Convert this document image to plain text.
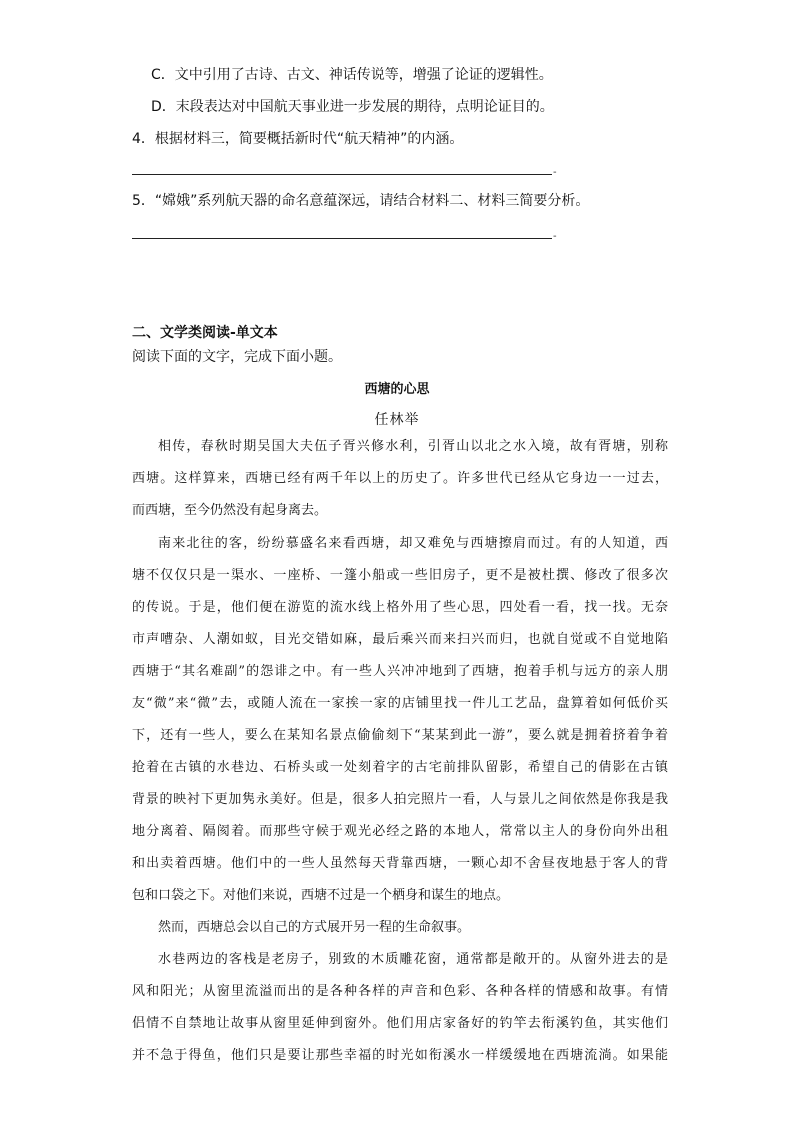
C．文中引用了古诗、古文、神话传说等，增强了论证的逻辑性。
D．末段表达对中国航天事业进一步发展的期待，点明论证目的。
4．根据材料三，简要概括新时代“航天精神”的内涵。
-
5．“嫦娥”系列航天器的命名意蕴深远，请结合材料二、材料三简要分析。
-
二、文学类阅读-单文本
阅读下面的文字，完成下面小题。
西塘的心思
任林举
相传，春秋时期吴国大夫伍子胥兴修水利，引胥山以北之水入境，故有胥塘，别称
西塘。这样算来，西塘已经有两千年以上的历史了。许多世代已经从它身边一一过去，
而西塘，至今仍然没有起身离去。
南来北往的客，纷纷慕盛名来看西塘，却又难免与西塘擦肩而过。有的人知道，西
塘不仅仅只是一渠水、一座桥、一篷小船或一些旧房子，更不是被杜撰、修改了很多次
的传说。于是，他们便在游览的流水线上格外用了些心思，四处看一看，找一找。无奈
市声嘈杂、人潮如蚁，目光交错如麻，最后乘兴而来扫兴而归，也就自觉或不自觉地陷
西塘于“其名难副”的怨诽之中。有一些人兴冲冲地到了西塘，抱着手机与远方的亲人朋
友“微”来“微”去，或随人流在一家挨一家的店铺里找一件儿工艺品，盘算着如何低价买
下，还有一些人，要么在某知名景点偷偷刻下“某某到此一游”，要么就是拥着挤着争着
抢着在古镇的水巷边、石桥头或一处刻着字的古宅前排队留影，希望自己的倩影在古镇
背景的映衬下更加隽永美好。但是，很多人拍完照片一看，人与景儿之间依然是你我是我
地分离着、隔阂着。而那些守候于观光必经之路的本地人，常常以主人的身份向外出租
和出卖着西塘。他们中的一些人虽然每天背靠西塘，一颗心却不舍昼夜地悬于客人的背
包和口袋之下。对他们来说，西塘不过是一个栖身和谋生的地点。
然而，西塘总会以自己的方式展开另一程的生命叙事。
水巷两边的客栈是老房子，别致的木质雕花窗，通常都是敞开的。从窗外进去的是
风和阳光；从窗里流溢而出的是各种各样的声音和色彩、各种各样的情感和故事。有情
侣情不自禁地让故事从窗里延伸到窗外。他们用店家备好的钓竿去衔溪钓鱼，其实他们
并不急于得鱼，他们只是要让那些幸福的时光如衔溪水一样缓缓地在西塘流淌。如果能
